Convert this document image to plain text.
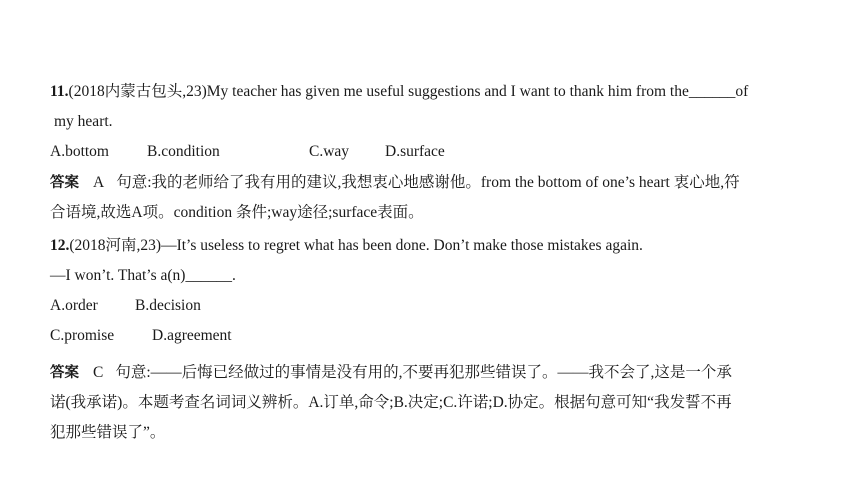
11.(2018内蒙古包头,23)My teacher has given me useful suggestions and I want to thank him from the______of
my heart.
A.bottom B.condition	C.way D.surface
答案 A 句意:我的老师给了我有用的建议,我想衷心地感谢他。from the bottom of one’s heart 衷心地,符
合语境,故选A项。condition 条件;way途径;surface表面。
12.(2018河南,23)—It’s useless to regret what has been done. Don’t make those mistakes again.
—I won’t. That’s a(n)______.
A.order B.decision
C.promise D.agreement
答案 C 句意:——后悔已经做过的事情是没有用的,不要再犯那些错误了。——我不会了,这是一个承
诺(我承诺)。本题考查名词词义辨析。A.订单,命令;B.决定;C.许诺;D.协定。根据句意可知“我发誓不再
犯那些错误了”。
